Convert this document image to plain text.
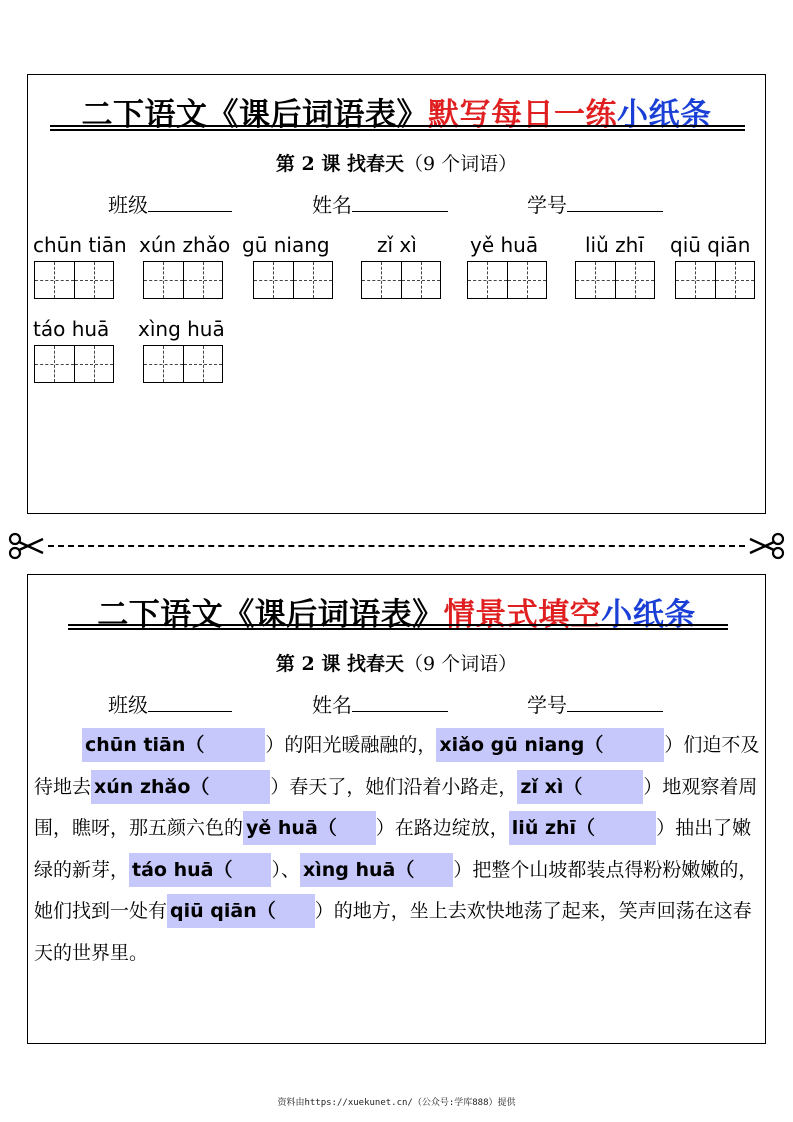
二下语文《课后词语表》默写每日一练小纸条
第 2 课 找春天（9 个词语）
班级	姓名	学号
chūn tiān xún zhǎo gū niang zǐ xì	yě huā liǔ zhī qiū qiān
táo huā xìng huā
二下语文《课后词语表》情景式填空小纸条
第 2 课 找春天（9 个词语）
班级	姓名	学号
chūn tiān（	）的阳光暖融融的， xiǎo gū niang（	）们迫不及待地去 xún zhǎo（	）春天了，她们沿着小路走， zǐ xì（	）地观察着周围，瞧呀，那五颜六色的 yě huā（ ）在路边绽放， liǔ zhī（	）抽出了嫩绿的新芽， táo huā（ ）、 xìng huā（ ）把整个山坡都装点得粉粉嫩嫩的，她们找到一处有 qiū qiān（ ）的地方，坐上去欢快地荡了起来，笑声回荡在这春天的世界里。
资料由https://xuekunet.cn/（公众号:学库888）提供
